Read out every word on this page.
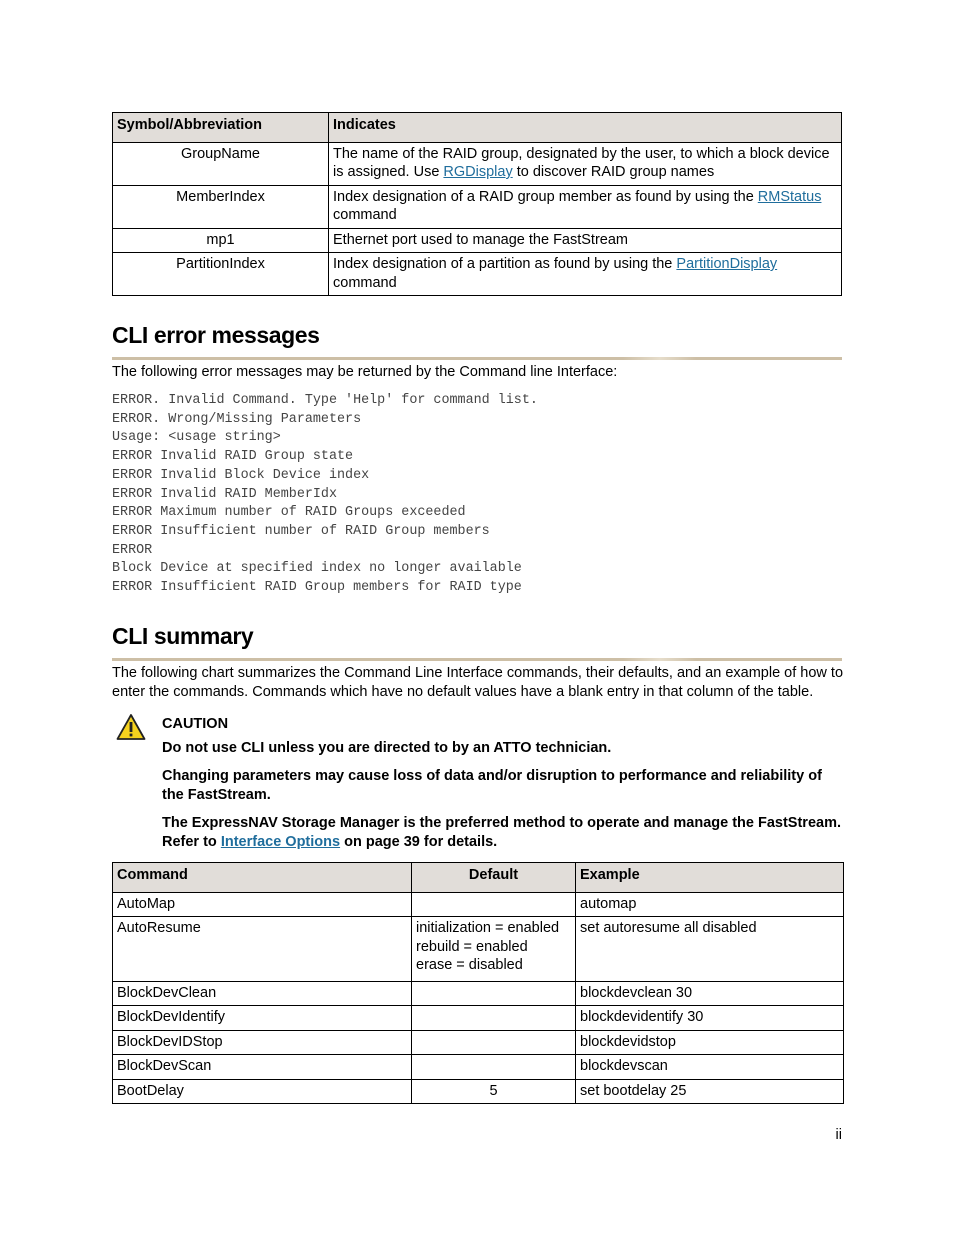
Symbol/Abbreviation	Indicates
GroupName	The name of the RAID group, designated by the user, to which a block device is assigned. Use RGDisplay to discover RAID group names
MemberIndex	Index designation of a RAID group member as found by using the RMStatus command
mp1	Ethernet port used to manage the FastStream
PartitionIndex	Index designation of a partition as found by using the PartitionDisplay command
CLI error messages

The following error messages may be returned by the Command line Interface:

ERROR. Invalid Command. Type 'Help' for command list.
ERROR. Wrong/Missing Parameters
Usage: <usage string>
ERROR Invalid RAID Group state
ERROR Invalid Block Device index
ERROR Invalid RAID MemberIdx
ERROR Maximum number of RAID Groups exceeded
ERROR Insufficient number of RAID Group members
ERROR
Block Device at specified index no longer available
ERROR Insufficient RAID Group members for RAID type
CLI summary

The following chart summarizes the Command Line Interface commands, their defaults, and an example of how to enter the commands. Commands which have no default values have a blank entry in that column of the table.

CAUTION

Do not use CLI unless you are directed to by an ATTO technician.

Changing parameters may cause loss of data and/or disruption to performance and reliability of the FastStream.

The ExpressNAV Storage Manager is the preferred method to operate and manage the FastStream. Refer to Interface Options on page 39 for details.

Command	Default	Example
AutoMap		automap
AutoResume	initialization = enabled
rebuild = enabled
erase = disabled	set autoresume all disabled
BlockDevClean		blockdevclean 30
BlockDevIdentify		blockdevidentify 30
BlockDevIDStop		blockdevidstop
BlockDevScan		blockdevscan
BootDelay	5	set bootdelay 25
ii
